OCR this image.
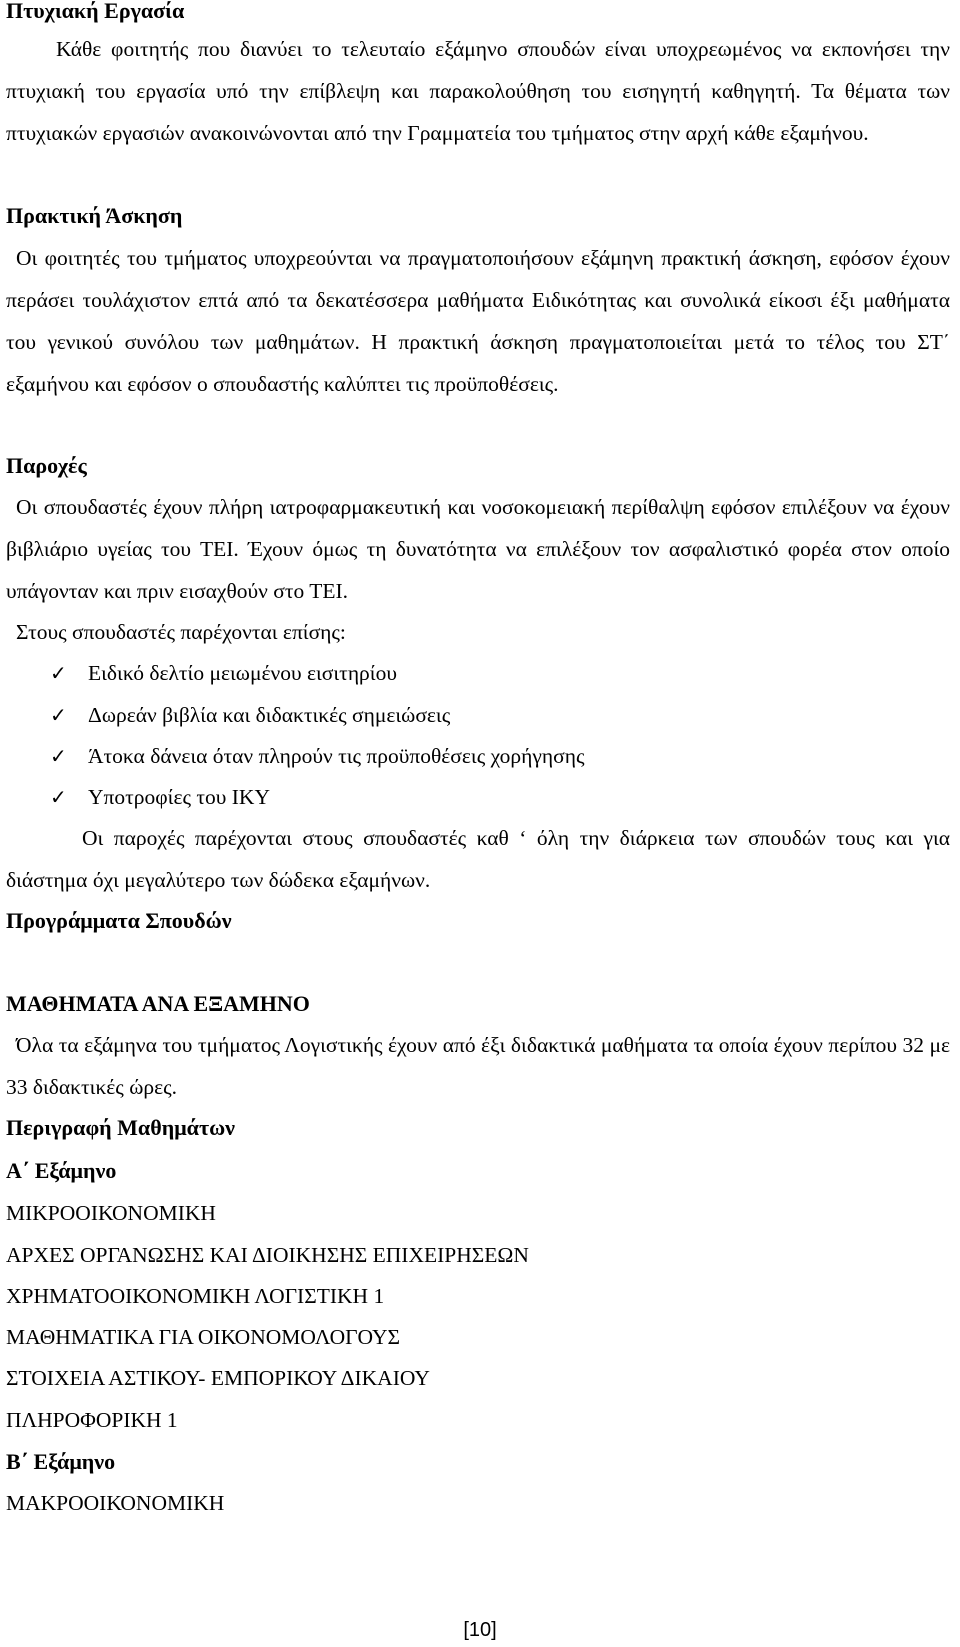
Πτυχιακή Εργασία

Κάθε φοιτητής που διανύει το τελευταίο εξάμηνο σπουδών είναι υποχρεωμένος να εκπονήσει την πτυχιακή του εργασία υπό την επίβλεψη και παρακολούθηση του εισηγητή καθηγητή. Τα θέματα των πτυχιακών εργασιών ανακοινώνονται από την Γραμματεία του τμήματος στην αρχή κάθε εξαμήνου.

Πρακτική Άσκηση

Οι φοιτητές του τμήματος υποχρεούνται να πραγματοποιήσουν εξάμηνη πρακτική άσκηση, εφόσον έχουν περάσει τουλάχιστον επτά από τα δεκατέσσερα μαθήματα Ειδικότητας και συνολικά είκοσι έξι μαθήματα του γενικού συνόλου των μαθημάτων. Η πρακτική άσκηση πραγματοποιείται μετά το τέλος του ΣΤ΄ εξαμήνου και εφόσον ο σπουδαστής καλύπτει τις προϋποθέσεις.

Παροχές

Οι σπουδαστές έχουν πλήρη ιατροφαρμακευτική και νοσοκομειακή περίθαλψη εφόσον επιλέξουν να έχουν βιβλιάριο υγείας του ΤΕΙ. Έχουν όμως τη δυνατότητα να επιλέξουν τον ασφαλιστικό φορέα στον οποίο υπάγονταν και πριν εισαχθούν στο ΤΕΙ.

Στους σπουδαστές παρέχονται επίσης:
✓ Ειδικό δελτίο μειωμένου εισιτηρίου
✓ Δωρεάν βιβλία και διδακτικές σημειώσεις
✓ Άτοκα δάνεια όταν πληρούν τις προϋποθέσεις χορήγησης
✓ Υποτροφίες του ΙΚΥ

Οι παροχές παρέχονται στους σπουδαστές καθ ‘ όλη την διάρκεια των σπουδών τους και για διάστημα όχι μεγαλύτερο των δώδεκα εξαμήνων.

Προγράμματα Σπουδών
ΜΑΘΗΜΑΤΑ ΑΝΑ ΕΞΑΜΗΝΟ

Όλα τα εξάμηνα του τμήματος Λογιστικής έχουν από έξι διδακτικά μαθήματα τα οποία έχουν περίπου 32 με 33 διδακτικές ώρες.

Περιγραφή Μαθημάτων
Α΄ Εξάμηνο
ΜΙΚΡΟΟΙΚΟΝΟΜΙΚΗ
ΑΡΧΕΣ ΟΡΓΑΝΩΣΗΣ ΚΑΙ ΔΙΟΙΚΗΣΗΣ ΕΠΙΧΕΙΡΗΣΕΩΝ
ΧΡΗΜΑΤΟΟΙΚΟΝΟΜΙΚΗ ΛΟΓΙΣΤΙΚΗ 1
ΜΑΘΗΜΑΤΙΚΑ ΓΙΑ ΟΙΚΟΝΟΜΟΛΟΓΟΥΣ
ΣΤΟΙΧΕΙΑ ΑΣΤΙΚΟΥ- ΕΜΠΟΡΙΚΟΥ ΔΙΚΑΙΟΥ
ΠΛΗΡΟΦΟΡΙΚΗ 1
Β΄ Εξάμηνο
ΜΑΚΡΟΟΙΚΟΝΟΜΙΚΗ
[10]
